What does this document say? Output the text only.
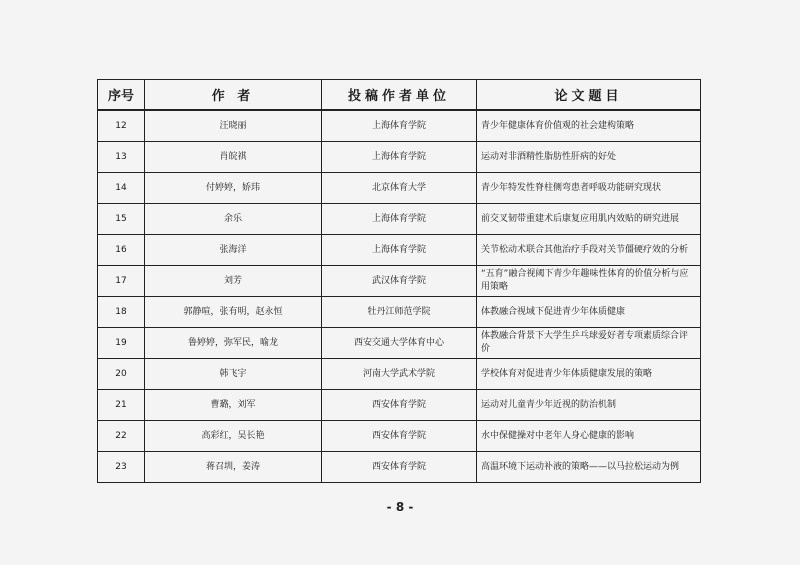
序号	作 者	投稿作者单位	论文题目
12	汪晓丽	上海体育学院	青少年健康体育价值观的社会建构策略
13	肖皖祺	上海体育学院	运动对非酒精性脂肪性肝病的好处
14	付婷婷，娇玮	北京体育大学	青少年特发性脊柱侧弯患者呼吸功能研究现状
15	余乐	上海体育学院	前交叉韧带重建术后康复应用肌内效贴的研究进展
16	张海洋	上海体育学院	关节松动术联合其他治疗手段对关节僵硬疗效的分析
17	刘芳	武汉体育学院	“五育”融合视阈下青少年趣味性体育的价值分析与应用策略
18	郭静喧，张有明，赵永恒	牡丹江师范学院	体教融合视域下促进青少年体质健康
19	鲁婷婷，弥军民，喻龙	西安交通大学体育中心	体教融合背景下大学生乒乓球爱好者专项素质综合评价
20	韩飞宇	河南大学武术学院	学校体育对促进青少年体质健康发展的策略
21	曹璐，刘军	西安体育学院	运动对儿童青少年近视的防治机制
22	高彩红，吴长艳	西安体育学院	水中保健操对中老年人身心健康的影响
23	蒋召圳，姜涛	西安体育学院	高温环境下运动补液的策略——以马拉松运动为例
- 8 -
